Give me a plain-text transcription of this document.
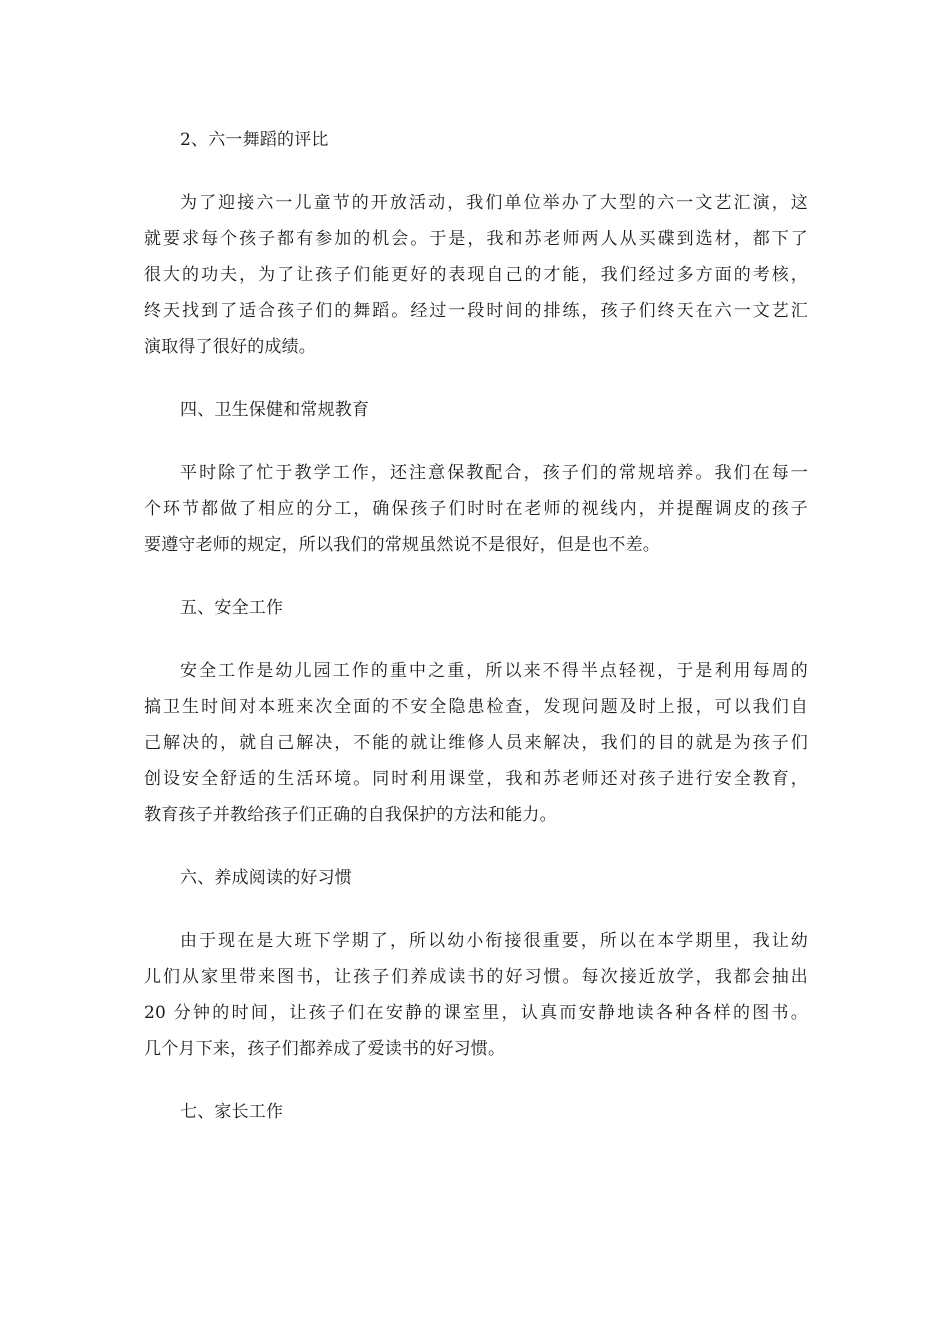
2、六一舞蹈的评比

为了迎接六一儿童节的开放活动，我们单位举办了大型的六一文艺汇演，这
就要求每个孩子都有参加的机会。于是，我和苏老师两人从买碟到选材，都下了
很大的功夫，为了让孩子们能更好的表现自己的才能，我们经过多方面的考核，
终天找到了适合孩子们的舞蹈。经过一段时间的排练，孩子们终天在六一文艺汇
演取得了很好的成绩。

四、卫生保健和常规教育

平时除了忙于教学工作，还注意保教配合，孩子们的常规培养。我们在每一
个环节都做了相应的分工，确保孩子们时时在老师的视线内，并提醒调皮的孩子
要遵守老师的规定，所以我们的常规虽然说不是很好，但是也不差。

五、安全工作

安全工作是幼儿园工作的重中之重，所以来不得半点轻视，于是利用每周的
搞卫生时间对本班来次全面的不安全隐患检查，发现问题及时上报，可以我们自
己解决的，就自己解决，不能的就让维修人员来解决，我们的目的就是为孩子们
创设安全舒适的生活环境。同时利用课堂，我和苏老师还对孩子进行安全教育，
教育孩子并教给孩子们正确的自我保护的方法和能力。

六、养成阅读的好习惯

由于现在是大班下学期了，所以幼小衔接很重要，所以在本学期里，我让幼
儿们从家里带来图书，让孩子们养成读书的好习惯。每次接近放学，我都会抽出
20 分钟的时间，让孩子们在安静的课室里，认真而安静地读各种各样的图书。
几个月下来，孩子们都养成了爱读书的好习惯。

七、家长工作
